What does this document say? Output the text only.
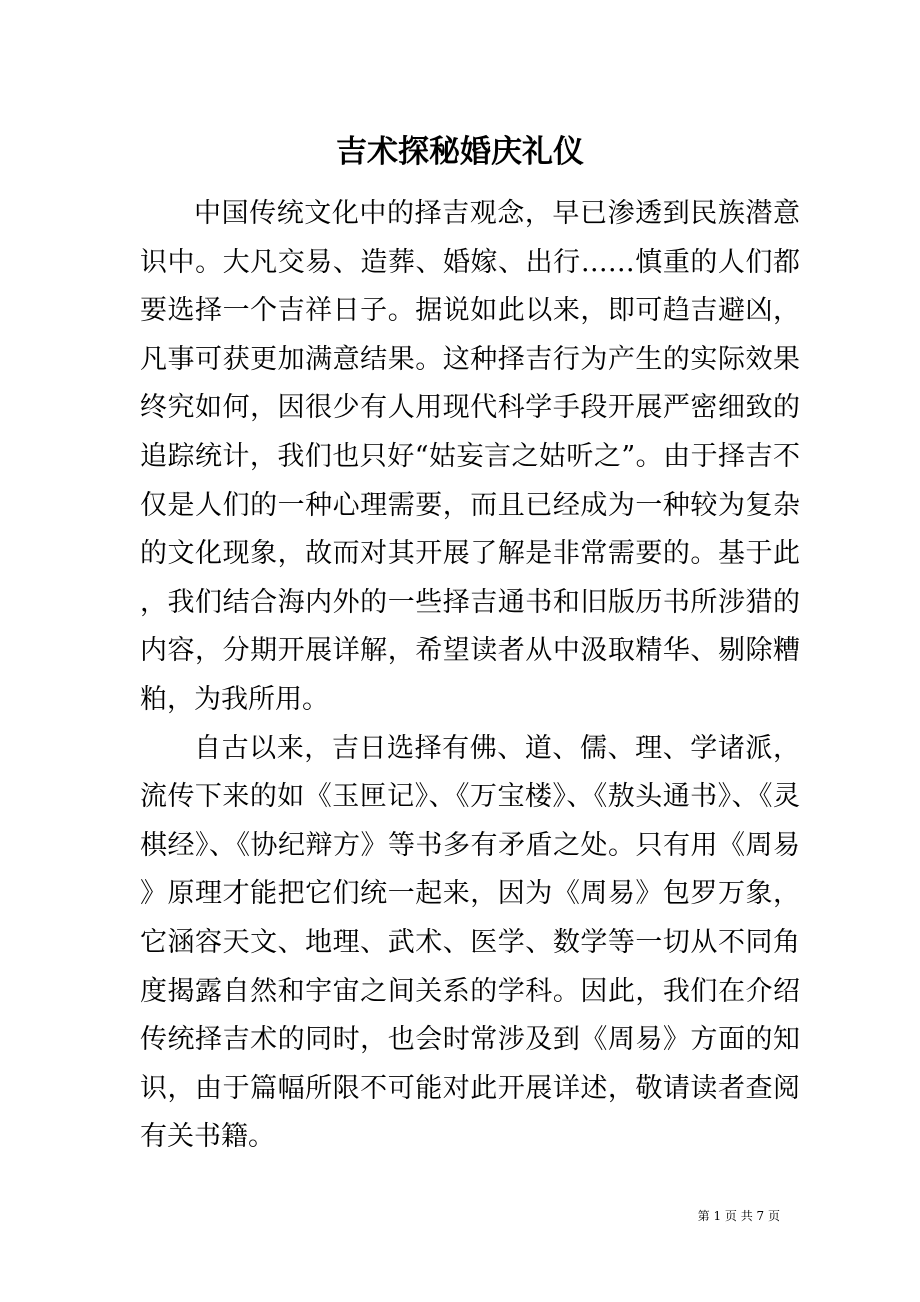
吉术探秘婚庆礼仪

中国传统文化中的择吉观念，早已渗透到民族潜意识中。大凡交易、造葬、婚嫁、出行……慎重的人们都要选择一个吉祥日子。据说如此以来，即可趋吉避凶，凡事可获更加满意结果。这种择吉行为产生的实际效果终究如何，因很少有人用现代科学手段开展严密细致的追踪统计，我们也只好“姑妄言之姑听之”。由于择吉不仅是人们的一种心理需要，而且已经成为一种较为复杂的文化现象，故而对其开展了解是非常需要的。基于此，我们结合海内外的一些择吉通书和旧版历书所涉猎的内容，分期开展详解，希望读者从中汲取精华、剔除糟粕，为我所用。

自古以来，吉日选择有佛、道、儒、理、学诸派，流传下来的如《玉匣记》、《万宝楼》、《敖头通书》、《灵棋经》、《协纪辩方》等书多有矛盾之处。只有用《周易》原理才能把它们统一起来，因为《周易》包罗万象，它涵容天文、地理、武术、医学、数学等一切从不同角度揭露自然和宇宙之间关系的学科。因此，我们在介绍传统择吉术的同时，也会时常涉及到《周易》方面的知识，由于篇幅所限不可能对此开展详述，敬请读者查阅有关书籍。

第 1 页 共 7 页
